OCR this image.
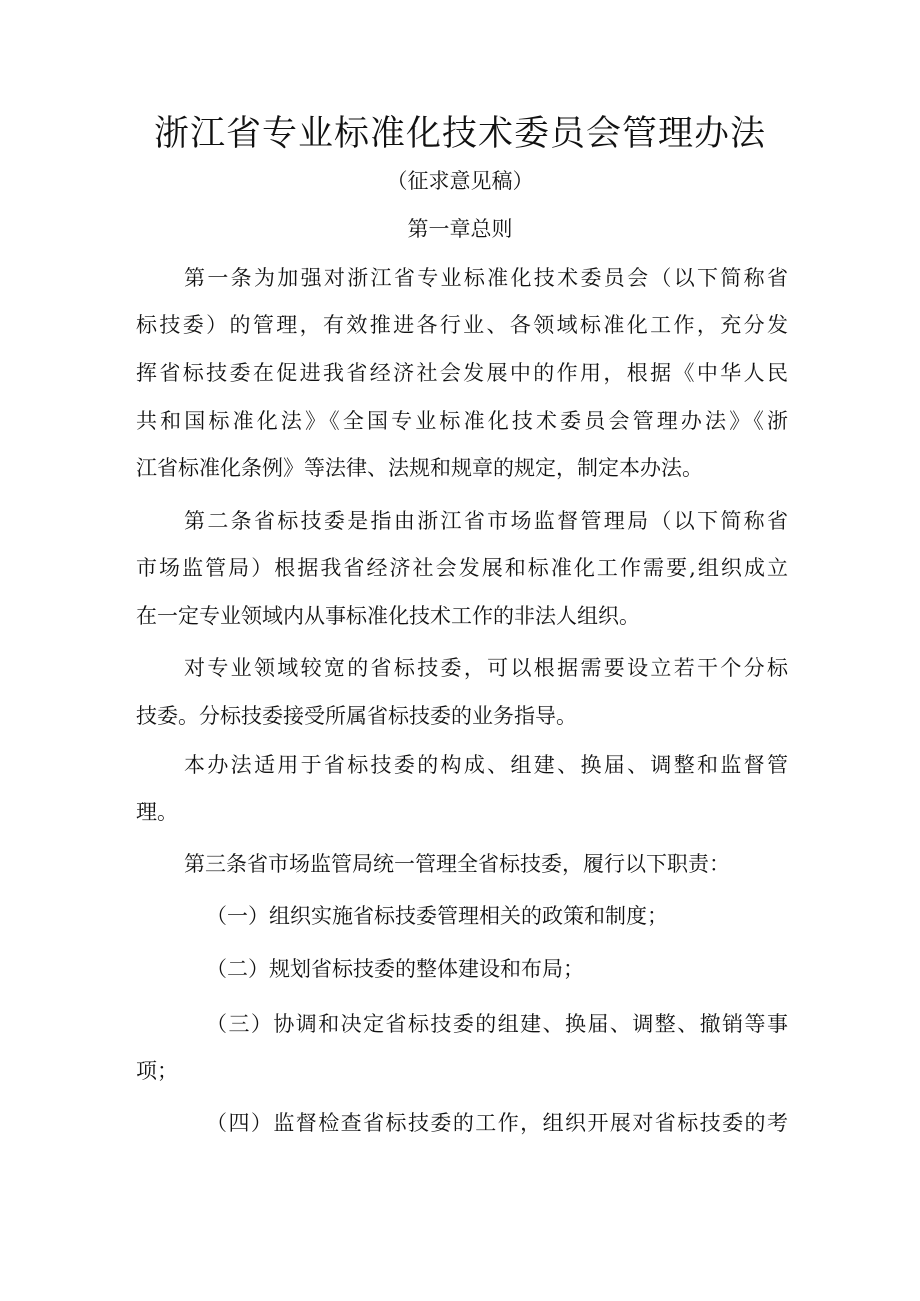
浙江省专业标准化技术委员会管理办法
（征求意见稿）
第一章总则
第一条为加强对浙江省专业标准化技术委员会（以下简称省
标技委）的管理，有效推进各行业、各领域标准化工作，充分发
挥省标技委在促进我省经济社会发展中的作用，根据《中华人民
共和国标准化法》《全国专业标准化技术委员会管理办法》《浙
江省标准化条例》等法律、法规和规章的规定，制定本办法。
第二条省标技委是指由浙江省市场监督管理局（以下简称省
市场监管局）根据我省经济社会发展和标准化工作需要,组织成立
在一定专业领域内从事标准化技术工作的非法人组织。
对专业领域较宽的省标技委，可以根据需要设立若干个分标
技委。分标技委接受所属省标技委的业务指导。
本办法适用于省标技委的构成、组建、换届、调整和监督管
理。
第三条省市场监管局统一管理全省标技委，履行以下职责：
（一）组织实施省标技委管理相关的政策和制度；
（二）规划省标技委的整体建设和布局；
（三）协调和决定省标技委的组建、换届、调整、撤销等事
项；
（四）监督检查省标技委的工作，组织开展对省标技委的考
